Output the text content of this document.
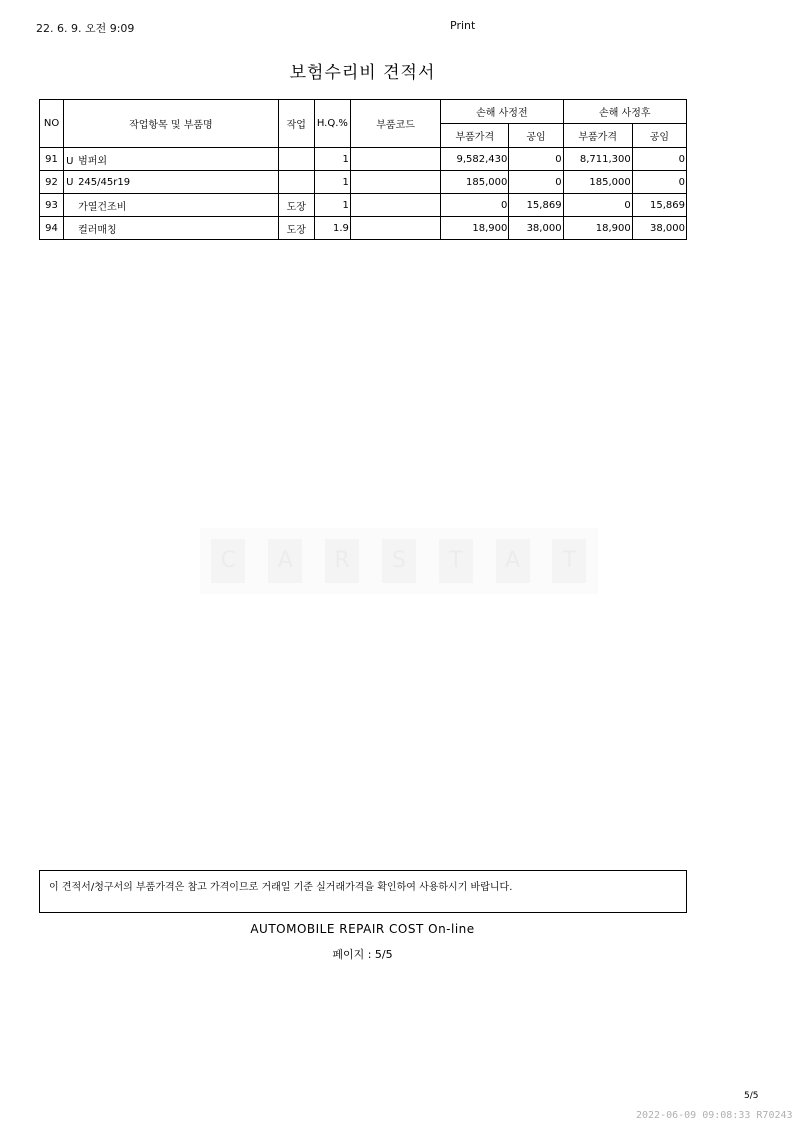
22. 6. 9. 오전 9:09	Print
보험수리비 견적서
C	A	R	S	T	A	T
NO	작업항목 및 부품명	작업	H.Q.%	부품코드	손해 사정전		손해 사정후	
					부품가격	공임	부품가격	공임
91	U 범퍼외		1		9,582,430	0	8,711,300	0
92	U 245/45r19		1		185,000	0	185,000	0
93	가열건조비	도장	1		0	15,869	0	15,869
94	컬러매칭	도장	1.9		18,900	38,000	18,900	38,000
이 견적서/청구서의 부품가격은 참고 가격이므로 거래일 기준 실거래가격을 확인하여 사용하시기 바랍니다.
AUTOMOBILE REPAIR COST On-line
페이지 : 5/5
5/5
2022-06-09 09:08:33 R70243
